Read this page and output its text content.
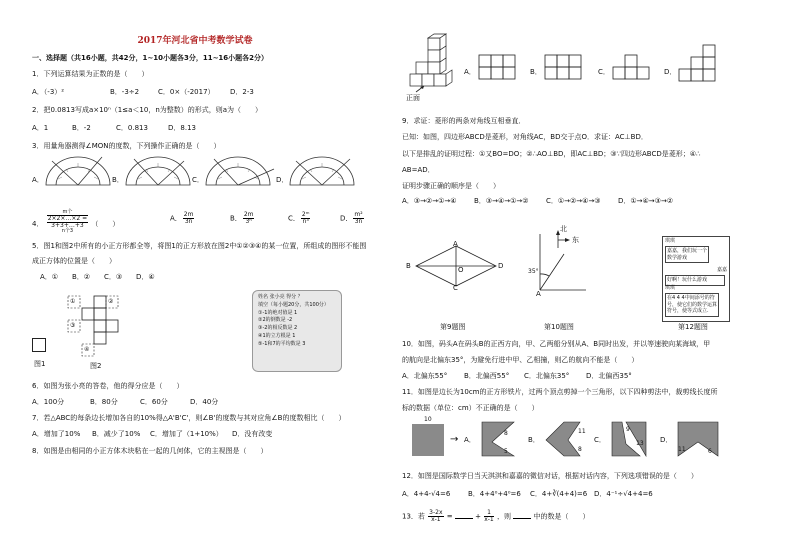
2017年河北省中考数学试卷
一、选择题（共16小题，共42分，1~10小题各3分，11~16小题各2分）
1．下列运算结果为正数的是（　　）
A．（-3）²	B．-3÷2	C．0×（-2017） D．2-3
2．把0.0813写成a×10ⁿ（1≤a＜10，n为整数）的形式，则a为（　　）
A．1	B．-2	C．0.813	D．8.13
3．用量角器测得∠MON的度数，下列操作正确的是（　　）
A．	B．	C．	D．
4．
m个
2×2×…×2 =
3+3+…+3
n个3
（　　）
A． $\frac{2m}{3n}$	B． $\frac{2m}{\text{3ⁿ}}$	C． $\frac{\text{2ᵐ}}{\text{n³}}$	D． $\frac{\text{m²}}{3n}$
5．图1和图2中所有的小正方形都全等，将图1的正方形放在图2中①②③④的某一位置，所组成的图形不能围
成正方体的位置是（　　）
A．① B．② C．③ D．④
图1
①	②
③
④
图2
姓名 张小亮 得分 ？
填空（每小题20分，共100分）
①-1的绝对值是 1
②2的倒数是 -2
③-2的相反数是 2
④1的立方根是 1
⑤-1和7的平均数是 3
6．如图为张小亮的答卷，他的得分应是（　　）
A．100分	B．80分	C．60分	D．40分
7．若△ABC的每条边长增加各自的10%得△A'B'C'，则∠B'的度数与其对应角∠B的度数相比（　　）
A．增加了10% B．减少了10% C．增加了（1+10%） D．没有改变
8．如图是由相同的小正方体木块粘在一起的几何体，它的主视图是（　　）
正面
A．	B．	C．	D．
9．求证：菱形的两条对角线互相垂直．
已知：如图，四边形ABCD是菱形，对角线AC，BD交于点O．求证：AC⊥BD．
以下是排乱的证明过程：①又BO=DO；②∴AO⊥BD，即AC⊥BD；③∵四边形ABCD是菱形；④∴
AB=AD．
证明步骤正确的顺序是（　　）
A．③→②→①→④	B．③→④→①→②	C．①→②→④→③ D．①→④→③→②
B
A
D
C
O
第9题图
北
东
35°
A
第10题图
琪琪
嘉嘉，我们玩一个数学游戏
嘉嘉
好啊！玩什么游戏
琪琪
在4 4 4中间添号的符号，使它们的数学运算符号，使等式成立.
第12题图
10．如图，码头A在码头B的正西方向，甲、乙两船分别从A、B同时出发，并以等速驶向某海域，甲
的航向是北偏东35°，为避免行进中甲、乙相撞，则乙的航向不能是（　　）
A．北偏东55° B．北偏西55° C．北偏东35° D．北偏西35°
11．如图是边长为10cm的正方形铁片，过两个顶点剪掉一个三角形，以下四种剪法中，裁剪线长度所
标的数据（单位：cm）不正确的是（　　）
10
→ A．
8
5
B．
11
8
C．
9
13 D．
11	6
12．如图是国际数学日当天淇淇和嘉嘉的微信对话，根据对话内容，下列选项错误的是（　　）
A．4+4-√4=6	B．4+4⁰+4⁰=6 C．4+∛(4+4)=6 D．4⁻¹÷√4+4=6
13．若 $\frac{3-2x}{x-1}$ =	+ $\frac{1}{x-1}$ ，则	中的数是（　　）
